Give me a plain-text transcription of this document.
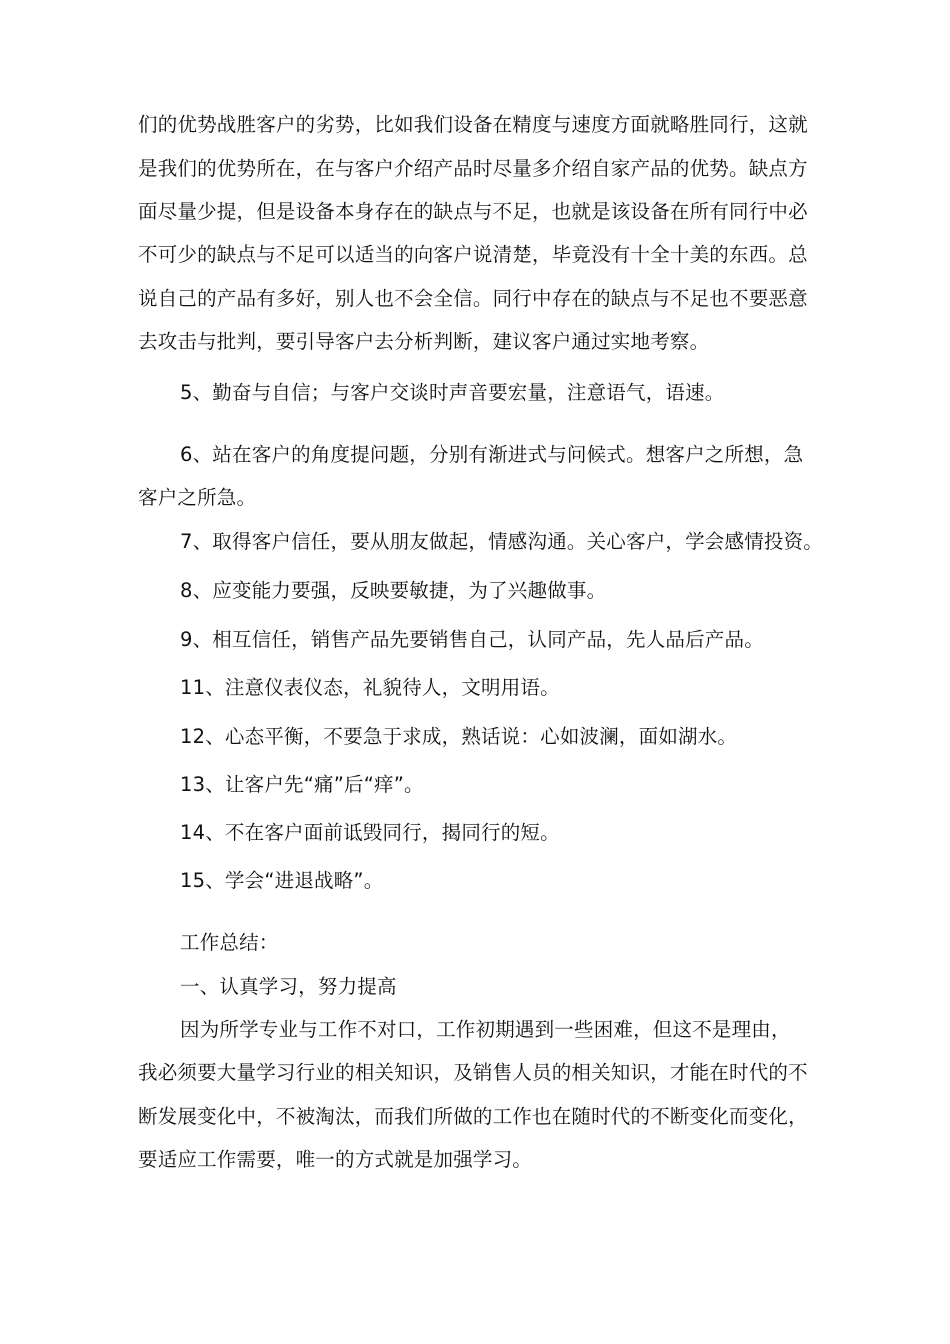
们的优势战胜客户的劣势，比如我们设备在精度与速度方面就略胜同行，这就
是我们的优势所在，在与客户介绍产品时尽量多介绍自家产品的优势。缺点方
面尽量少提，但是设备本身存在的缺点与不足，也就是该设备在所有同行中必
不可少的缺点与不足可以适当的向客户说清楚，毕竟没有十全十美的东西。总
说自己的产品有多好，别人也不会全信。同行中存在的缺点与不足也不要恶意
去攻击与批判，要引导客户去分析判断，建议客户通过实地考察。
5、勤奋与自信；与客户交谈时声音要宏量，注意语气，语速。
6、站在客户的角度提问题，分别有渐进式与问候式。想客户之所想，急
客户之所急。
7、取得客户信任，要从朋友做起，情感沟通。关心客户，学会感情投资。
8、应变能力要强，反映要敏捷，为了兴趣做事。
9、相互信任，销售产品先要销售自己，认同产品，先人品后产品。
11、注意仪表仪态，礼貌待人，文明用语。
12、心态平衡，不要急于求成，熟话说：心如波澜，面如湖水。
13、让客户先“痛”后“痒”。
14、不在客户面前诋毁同行，揭同行的短。
15、学会“进退战略”。
工作总结：
一、认真学习，努力提高
因为所学专业与工作不对口，工作初期遇到一些困难，但这不是理由，
我必须要大量学习行业的相关知识，及销售人员的相关知识，才能在时代的不
断发展变化中，不被淘汰，而我们所做的工作也在随时代的不断变化而变化，
要适应工作需要，唯一的方式就是加强学习。
